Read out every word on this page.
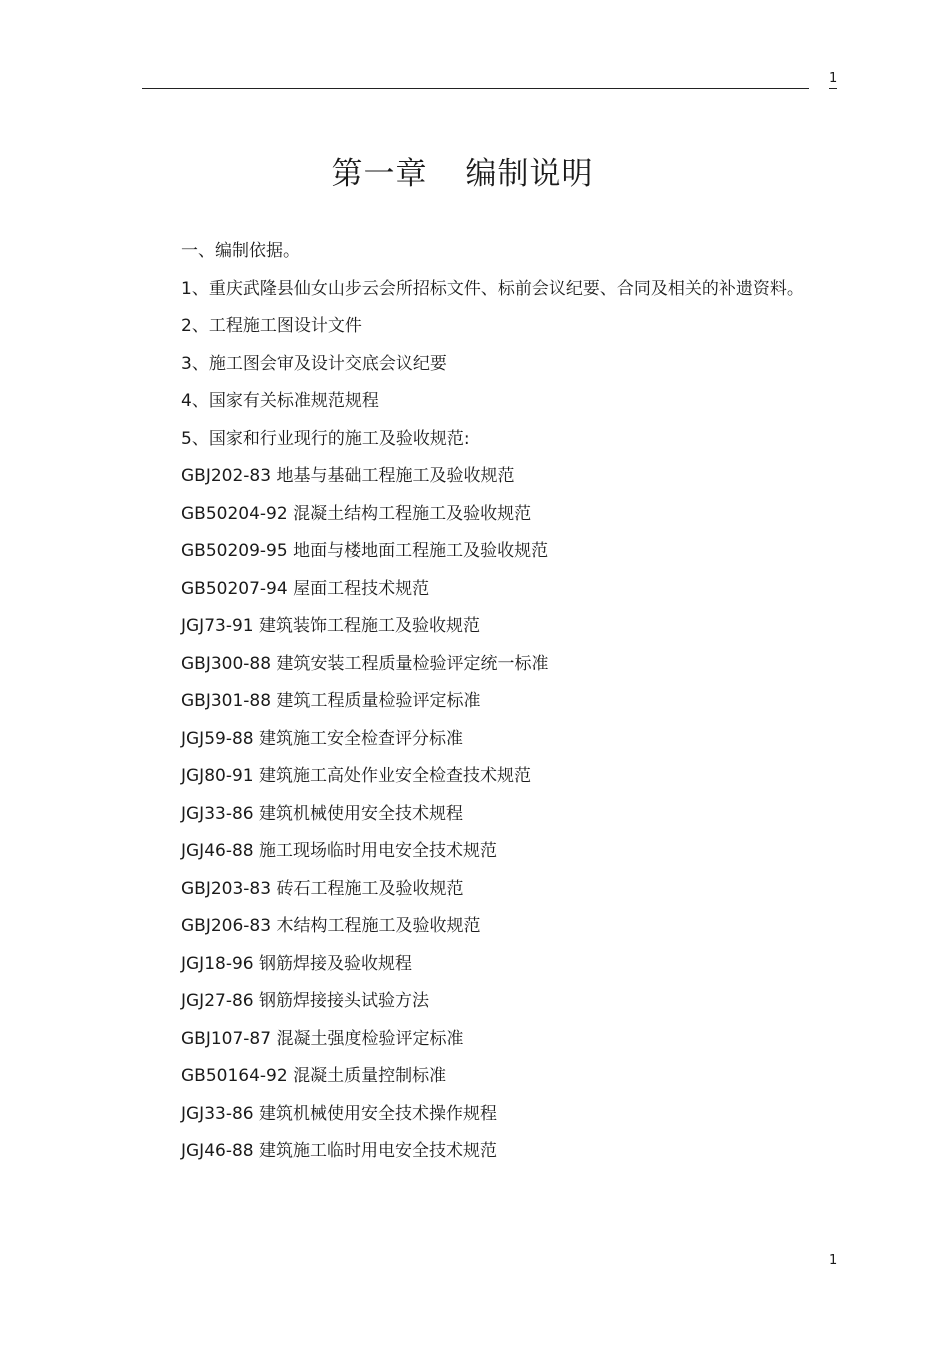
1
第一章 编制说明

一、编制依据。

1、重庆武隆县仙女山步云会所招标文件、标前会议纪要、合同及相关的补遗资料。

2、工程施工图设计文件

3、施工图会审及设计交底会议纪要

4、国家有关标准规范规程

5、国家和行业现行的施工及验收规范:

GBJ202-83 地基与基础工程施工及验收规范

GB50204-92 混凝土结构工程施工及验收规范

GB50209-95 地面与楼地面工程施工及验收规范

GB50207-94 屋面工程技术规范

JGJ73-91 建筑装饰工程施工及验收规范

GBJ300-88 建筑安装工程质量检验评定统一标准

GBJ301-88 建筑工程质量检验评定标准

JGJ59-88 建筑施工安全检查评分标准

JGJ80-91 建筑施工高处作业安全检查技术规范

JGJ33-86 建筑机械使用安全技术规程

JGJ46-88 施工现场临时用电安全技术规范

GBJ203-83 砖石工程施工及验收规范

GBJ206-83 木结构工程施工及验收规范

JGJ18-96 钢筋焊接及验收规程

JGJ27-86 钢筋焊接接头试验方法

GBJ107-87 混凝土强度检验评定标准

GB50164-92 混凝土质量控制标准

JGJ33-86 建筑机械使用安全技术操作规程

JGJ46-88 建筑施工临时用电安全技术规范

1
